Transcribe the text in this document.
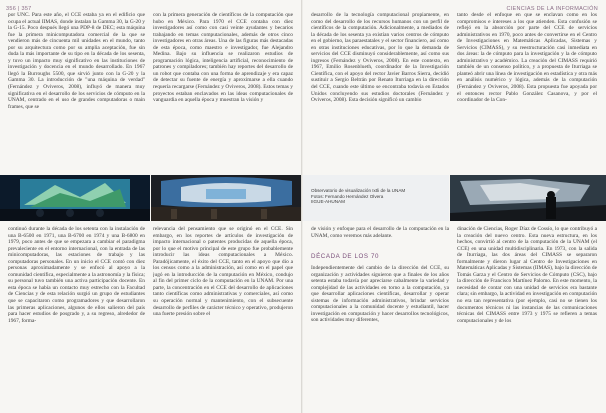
356 | 357

por UNC. Para este año, el CCE estaba ya en el edificio que ocupa el actual IIMAS, donde instalan la Gamma 30, la G-20 y la G-15. Poco después llegó una PDP-8 de DEC; esta máquina fue la primera minicomputadora comercial de la que se vendieron más de cincuenta mil unidades en el mundo, tanto por su arquitectura como por su amplia aceptación, fue sin duda la más importante de su tipo en la década de los sesenta, y tuvo un impacto muy significativo en las instituciones de investigación y docencia en el mundo desarrollado. En 1967 llegó la Burroughs 5500, que sirvió junto con la G-20 y la Gamma 30. La introducción de "una máquina de verdad" (Fernández y Oviveros, 2008), influyó de manera muy significativa en el desarrollo de los servicios de cómputo en la UNAM, centrado en el uso de grandes computadoras o main frames, que se

con la primera generación de científicos de la computación que hubo en México. Para 1970 el CCE contaba con diez investigadores así como con casi veinte ayudantes y becarios trabajando en temas computacionales, además de otros cinco investigadores en otras áreas. Una de las figuras más destacadas de esta época, como maestro e investigador, fue Alejandro Medina. Bajo su influencia se realizaron estudios de programación lógica, inteligencia artificial, reconocimiento de patrones y compiladores; también hay reportes del desarrollo de un robot que contaba con una forma de aprendizaje y era capaz de detectar su fuente de energía y aproximarse a ella cuando requería recargarse (Fernández y Oviveros, 2008). Estos temas y proyectos estaban enclavados en las ideas computacionales de vanguardia en aquella época y muestran la visión y

continuó durante la década de los setenta con la instalación de una B-6500 en 1971, una B-6700 en 1974 y una B-6800 en 1979, poco antes de que se empezara a cambiar el paradigma prevaleciente en el entorno internacional, con la entrada de las minicomputadoras, las estaciones de trabajo y las computadoras personales. En un inicio el CCE contó con diez personas aproximadamente y se enfocó al apoyo a la comunidad científica, especialmente a la astronomía y la física; su personal tuvo también una activa participación docente. En esta época se había un contacto muy estrecho con la Facultad de Ciencias y de esta relación surgió un grupo de estudiantes que se capacitaron como programadores y que desarrollaron las primeras aplicaciones, algunos de ellos salieron del país para hacer estudios de posgrado y, a su regreso, alrededor de 1967, forma-

relevancia del pensamiento que se originó en el CCE. Sin embargo, en los reportes de artículos de investigación de impacto internacional o patentes producidas de aquella época, por lo que el motivo principal de este grupo fue probablemente introducir las ideas computacionales a México. Paradójicamente, el éxito del CCE, tanto en el apoyo que dio a los censos como a la administración, así como en el papel que jugó en la introducción de la computación en México, condujo al fin del primer ciclo de la computación en la UNAM. Por una parte, la concentración en el CCE del desarrollo de aplicaciones tanto científicas como administrativas y comerciales, así como su operación normal y mantenimiento, con el subsecuente desarrollo de perfiles de carácter técnico y operativo, produjeron una fuerte presión sobre el

CIENCIAS DE LA INFORMACIÓN

desarrollo de la tecnología computacional propiamente, en como del desarrollo de los recursos humanos con un perfil de científicos de la computación. Adicionalmente, a mediados de la década de los sesenta ya existían varios centros de cómputo en el gobierno, las paraestatales y el sector financiero, así como en otras instituciones educativas, por lo que la demanda de servicios del CCE disminuyó considerablemente, así como sus ingresos (Fernández y Oviveros, 2008). En este contexto, en 1967, Emilio Rosenblueth, coordinador de la Investigación Científica, con el apoyo del rector Javier Barros Sierra, decidió sustituir a Sergio Beltrán por Renato Iturriaga en la dirección del CCE, cuando este último se encontraba todavía en Estados Unidos concluyendo sus estudios doctorales (Fernández y Oviveros, 2008). Esta decisión significó un cambio

tanto desde el enfoque en que se enclavan como en los compromisos e intereses a los que atienden. Esta confusión se reflejó en la absorción por parte del CCE de servicios administrativos en 1970, poco antes de convertirse en el Centro de Investigaciones en Matemáticas Aplicadas, Sistemas y Servicios (CIMASS), y su reestructuración casi inmediata en dos áreas: la de cómputo para la investigación y la de cómputo administrativo y académico. La creación del CIMASS requirió también de un consenso político, y a propuesta de Iturriaga se planteó abrir una línea de investigación en estadística y otra más en análisis numérico y lógica, además de la computación (Fernández y Oviveros, 2008). Esta propuesta fue apoyada por el entonces rector Pablo González Casanova, y por el coordinador de la Con-

Observatorio de visualización Ixtli de la UNAM
Fotos: Fernando Hernández Olvera
IIGUE-AHUNAM

de visión y enfoque para el desarrollo de la computación en la UNAM, como veremos más adelante.

DÉCADA DE LOS 70

Independientemente del cambio de la dirección del CCE, su organización y actividades siguieron que a finales de los años setenta estaba todavía por apreciarse cabalmente la variedad y complejidad de las actividades en torno a la computación, ya que desarrollar aplicaciones científicas, desarrollar y operar sistemas de información administrativos, brindar servicios computacionales a la comunidad docente y estudiantil, hacer investigación en computación y hacer desarrollos tecnológicos, son actividades muy diferentes,

dinación de Ciencias, Roger Díaz de Cossío, lo que contribuyó a la creación del nuevo centro. Esta nueva estructura, en los hechos, convirtió al centro de la computación de la UNAM (el CCE) en una unidad multidisciplinaria. En 1973, con la salida de Iturriaga, las dos áreas del CIMASS se separaron formalmente y dieron lugar al Centro de Investigaciones en Matemáticas Aplicadas y Sistemas (IIMAS), bajo la dirección de Tomás Garza y el Centro de Servicios de Cómputo (CSC), bajo la dirección de Francisco Martínez Palomo. En este momento, la necesidad de contar con una unidad de servicios era bastante clara; sin embargo, la actividad en investigación en computación no era tan representativa (por ejemplo, casi no se tienen los documentos técnicos ni las instancias de las comunicaciones técnicas del CIMASS entre 1973 y 1975 se refieren a temas computacionales y de los
